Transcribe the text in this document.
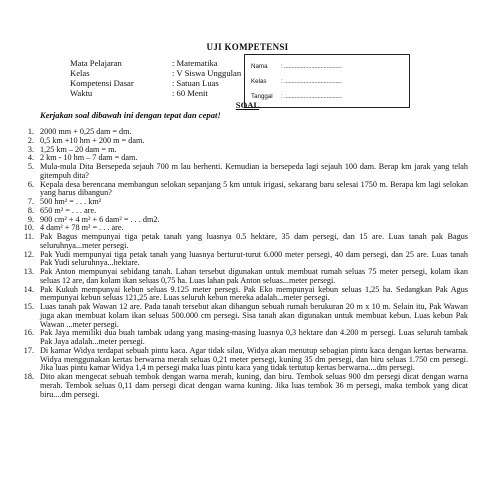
UJI KOMPETENSI
Mata Pelajaran	: Matematika
Kelas	: V Siswa Unggulan
Kompetensi Dasar	: Satuan Luas
Waktu	: 60 Menit
Nama	: ......................................
Kelas	: ......................................
Tanggal	: ......................................
SOAL
Kerjakan soal dibawah ini dengan tepat dan cepat!
1. 2000 mm + 0,25 dam = dm.
2. 0,5 km +10 hm + 200 m = dam.
3. 1,25 km – 20 dam = m.
4. 2 km - 10 hm – 7 dam = dam.
5. Mula-mula Dita Bersepeda sejauh 700 m lau berhenti. Kemudian ia bersepeda lagi sejauh 100 dam. Berap km jarak yang telah gitempuh dita?
6. Kepala desa berencana membangun selokan sepanjang 5 km untuk irigasi, sekarang baru selesai 1750 m. Berapa km lagi selokan yang harus dibangun?
7. 500 hm² = . . . km²
8. 650 m² = . . . are.
9. 900 cm² + 4 m² + 6 dam² = . . . dm2.
10. 4 dam² + 78 m² = . . . are.
11. Pak Bagus mempunyai tiga petak tanah yang luasnya 0.5 hektare, 35 dam persegi, dan 15 are. Luas tanah pak Bagus seluruhnya...meter persegi.
12. Pak Yudi mempunyai tiga petak tanah yang luasnya berturut-turut 6.000 meter persegi, 40 dam persegi, dan 25 are. Luas tanah Pak Yudi seluruhnya...hektare.
13. Pak Anton mempunyai sebidang tanah. Lahan tersebut digunakan untuk membuat rumah seluas 75 meter persegi, kolam ikan seluas 12 are, dan kolam ikan seluas 0,75 ha. Luas lahan pak Anton seluas...meter persegi.
14. Pak Kukuh mempunyai kebun seluas 9.125 meter persegi. Pak Eko mempunyai kebun seluas 1,25 ha. Sedangkan Pak Agus mempunyai kebun seluas 121,25 are. Luas seluruh kebun mereka adalah...meter persegi.
15. Luas tanah pak Wawan 12 are. Pada tanah tersebut akan dibangun sebuah rumah berukuran 20 m x 10 m. Selain itu, Pak Wawan juga akan membuat kolam ikan seluas 500.000 cm persegi. Sisa tanah akan digunakan untuk membuat kebun. Luas kebun Pak Wawan ...meter persegi.
16. Pak Jaya memiliki dua buah tambak udang yang masing-masing luasnya 0,3 hektare dan 4.200 m persegi. Luas seluruh tambak Pak Jaya adalah...meter persegi.
17. Di kamar Widya terdapat sebuah pintu kaca. Agar tidak silau, Widya akan menutup sebagian pintu kaca dengan kertas berwarna. Widya menggunakan kertas berwarna merah seluas 0,21 meter persegi, kuning 35 dm persegi, dan biru seluas 1.750 cm persegi. Jika luas pintu kamar Widya 1,4 m persegi maka luas pintu kaca yang tidak tertutup kertas berwarna....dm persegi.
18. Dito akan mengecat sebuah tembok dengan warna merah, kuning, dan biru. Tembok seluas 900 dm persegi dicat dengan warna merah. Tembok seluas 0,11 dam persegi dicat dengan warna kuning. Jika luas tembok 36 m persegi, maka tembok yang dicat biru....dm persegi.
